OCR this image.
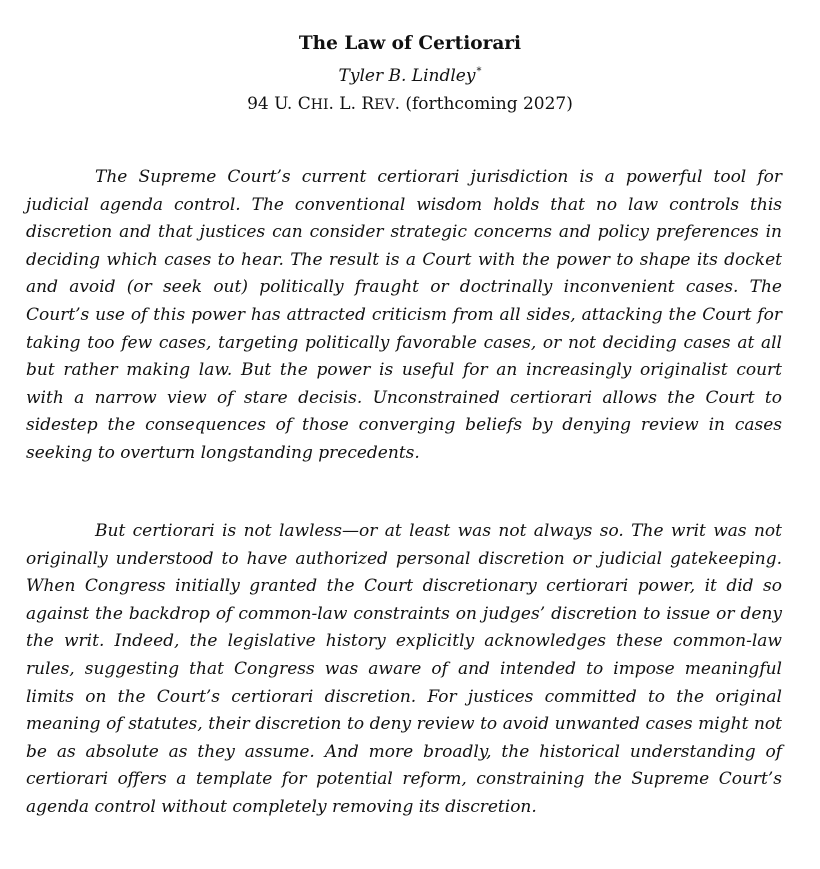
The Law of Certiorari
Tyler B. Lindley*
94 U. CHI. L. REV. (forthcoming 2027)

The Supreme Court’s current certiorari jurisdiction is a powerful tool for judicial agenda control. The conventional wisdom holds that no law controls this discretion and that justices can consider strategic concerns and policy preferences in deciding which cases to hear. The result is a Court with the power to shape its docket and avoid (or seek out) politically fraught or doctrinally inconvenient cases. The Court’s use of this power has attracted criticism from all sides, attacking the Court for taking too few cases, targeting politically favorable cases, or not deciding cases at all but rather making law. But the power is useful for an increasingly originalist court with a narrow view of stare decisis. Unconstrained certiorari allows the Court to sidestep the consequences of those converging beliefs by denying review in cases seeking to overturn longstanding precedents.

But certiorari is not lawless—or at least was not always so. The writ was not originally understood to have authorized personal discretion or judicial gatekeeping. When Congress initially granted the Court discretionary certiorari power, it did so against the backdrop of common-law constraints on judges’ discretion to issue or deny the writ. Indeed, the legislative history explicitly acknowledges these common-law rules, suggesting that Congress was aware of and intended to impose meaningful limits on the Court’s certiorari discretion. For justices committed to the original meaning of statutes, their discretion to deny review to avoid unwanted cases might not be as absolute as they assume. And more broadly, the historical understanding of certiorari offers a template for potential reform, constraining the Supreme Court’s agenda control without completely removing its discretion.
